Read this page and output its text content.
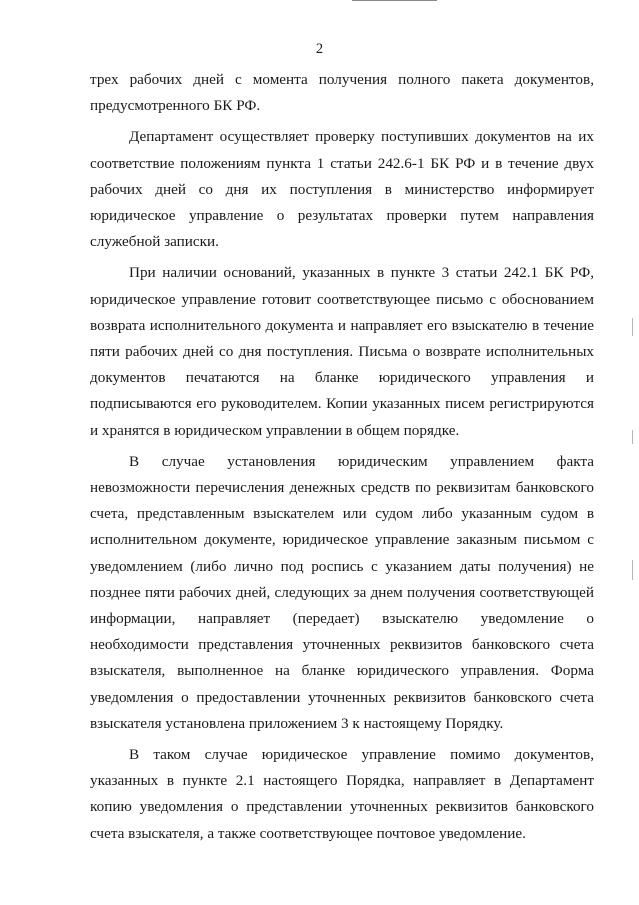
2

трех рабочих дней с момента получения полного пакета документов, предусмотренного БК РФ.

Департамент осуществляет проверку поступивших документов на их соответствие положениям пункта 1 статьи 242.6-1 БК РФ и в течение двух рабочих дней со дня их поступления в министерство информирует юридическое управление о результатах проверки путем направления служебной записки.

При наличии оснований, указанных в пункте 3 статьи 242.1 БК РФ, юридическое управление готовит соответствующее письмо с обоснованием возврата исполнительного документа и направляет его взыскателю в течение пяти рабочих дней со дня поступления. Письма о возврате исполнительных документов печатаются на бланке юридического управления и подписываются его руководителем. Копии указанных писем регистрируются и хранятся в юридическом управлении в общем порядке.

В случае установления юридическим управлением факта невозможности перечисления денежных средств по реквизитам банковского счета, представленным взыскателем или судом либо указанным судом в исполнительном документе, юридическое управление заказным письмом с уведомлением (либо лично под роспись с указанием даты получения) не позднее пяти рабочих дней, следующих за днем получения соответствующей информации, направляет (передает) взыскателю уведомление о необходимости представления уточненных реквизитов банковского счета взыскателя, выполненное на бланке юридического управления. Форма уведомления о предоставлении уточненных реквизитов банковского счета взыскателя установлена приложением 3 к настоящему Порядку.

В таком случае юридическое управление помимо документов, указанных в пункте 2.1 настоящего Порядка, направляет в Департамент копию уведомления о представлении уточненных реквизитов банковского счета взыскателя, а также соответствующее почтовое уведомление.
